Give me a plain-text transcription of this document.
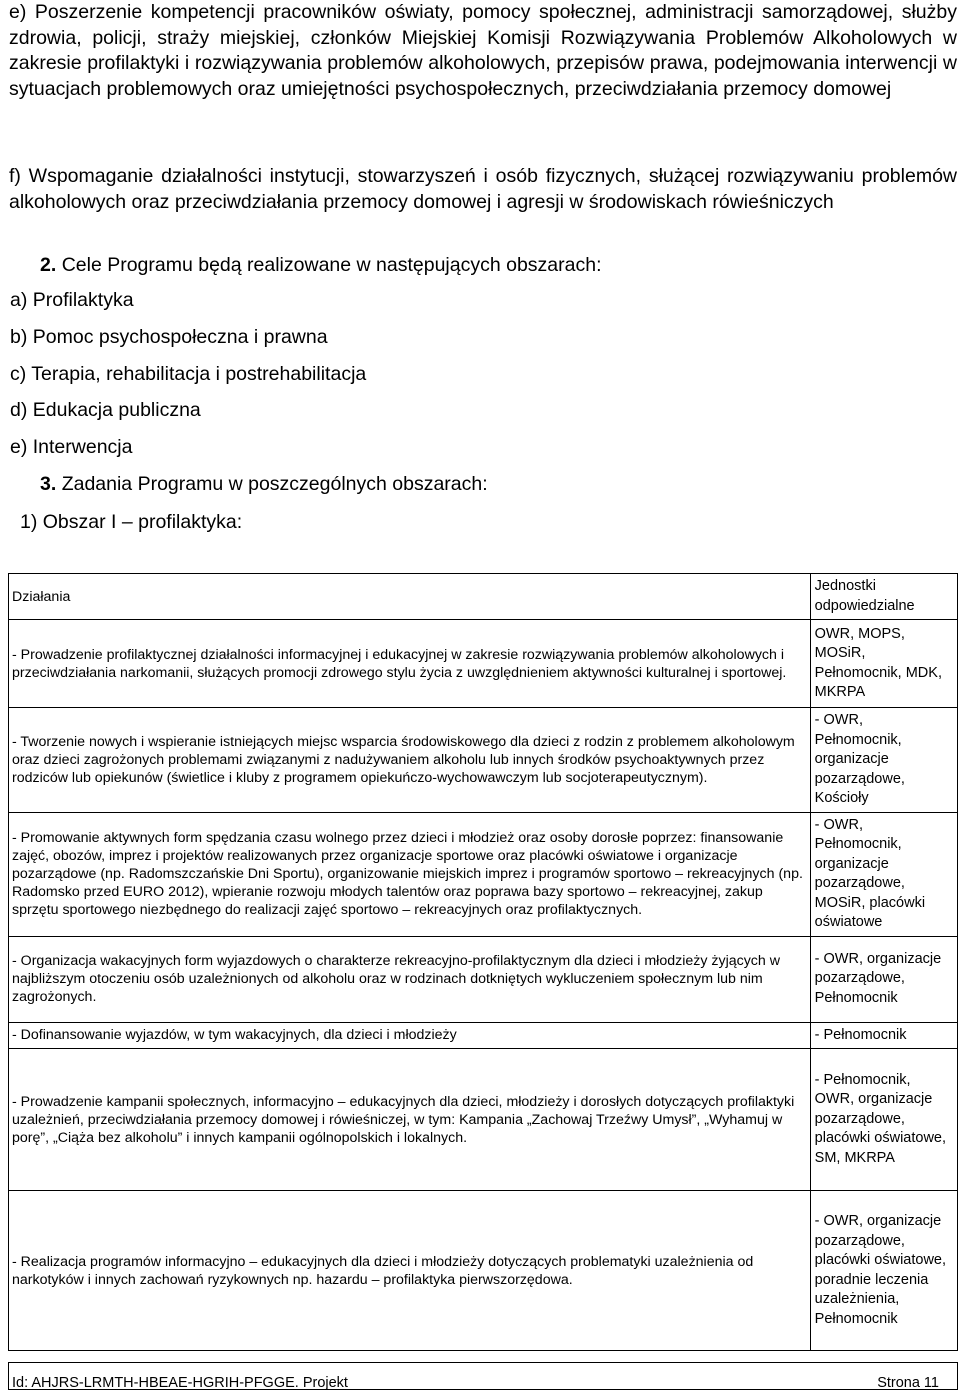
e) Poszerzenie kompetencji pracowników oświaty, pomocy społecznej, administracji samorządowej, służby zdrowia, policji, straży miejskiej, członków Miejskiej Komisji Rozwiązywania Problemów Alkoholowych w zakresie profilaktyki i rozwiązywania problemów alkoholowych, przepisów prawa, podejmowania interwencji w sytuacjach problemowych oraz umiejętności psychospołecznych, przeciwdziałania przemocy domowej
f) Wspomaganie działalności instytucji, stowarzyszeń i osób fizycznych, służącej rozwiązywaniu problemów alkoholowych oraz przeciwdziałania przemocy domowej i agresji w środowiskach rówieśniczych
2. Cele Programu będą realizowane w następujących obszarach:
a) Profilaktyka
b) Pomoc psychospołeczna i prawna
c) Terapia, rehabilitacja i postrehabilitacja
d) Edukacja publiczna
e) Interwencja
3. Zadania Programu w poszczególnych obszarach:
1) Obszar I – profilaktyka:
Działania	Jednostki odpowiedzialne
- Prowadzenie profilaktycznej działalności informacyjnej i edukacyjnej w zakresie rozwiązywania problemów alkoholowych i przeciwdziałania narkomanii, służących promocji zdrowego stylu życia z uwzględnieniem aktywności kulturalnej i sportowej.	OWR, MOPS, MOSiR, Pełnomocnik, MDK, MKRPA
- Tworzenie nowych i wspieranie istniejących miejsc wsparcia środowiskowego dla dzieci z rodzin z problemem alkoholowym oraz dzieci zagrożonych problemami związanymi z nadużywaniem alkoholu lub innych środków psychoaktywnych przez rodziców lub opiekunów (świetlice i kluby z programem opiekuńczo-wychowawczym lub socjoterapeutycznym).	- OWR, Pełnomocnik, organizacje pozarządowe, Kościoły
- Promowanie aktywnych form spędzania czasu wolnego przez dzieci i młodzież oraz osoby dorosłe poprzez: finansowanie zajęć, obozów, imprez i projektów realizowanych przez organizacje sportowe oraz placówki oświatowe i organizacje pozarządowe (np. Radomszczańskie Dni Sportu), organizowanie miejskich imprez i programów sportowo – rekreacyjnych (np. Radomsko przed EURO 2012), wpieranie rozwoju młodych talentów oraz poprawa bazy sportowo – rekreacyjnej, zakup sprzętu sportowego niezbędnego do realizacji zajęć sportowo – rekreacyjnych oraz profilaktycznych.	- OWR, Pełnomocnik, organizacje pozarządowe, MOSiR, placówki oświatowe
- Organizacja wakacyjnych form wyjazdowych o charakterze rekreacyjno-profilaktycznym dla dzieci i młodzieży żyjących w najbliższym otoczeniu osób uzależnionych od alkoholu oraz w rodzinach dotkniętych wykluczeniem społecznym lub nim zagrożonych.	- OWR, organizacje pozarządowe, Pełnomocnik
- Dofinansowanie wyjazdów, w tym wakacyjnych, dla dzieci i młodzieży	- Pełnomocnik
- Prowadzenie kampanii społecznych, informacyjno – edukacyjnych dla dzieci, młodzieży i dorosłych dotyczących profilaktyki uzależnień, przeciwdziałania przemocy domowej i rówieśniczej, w tym: Kampania „Zachowaj Trzeźwy Umysł”, „Wyhamuj w porę”, „Ciąża bez alkoholu” i innych kampanii ogólnopolskich i lokalnych.	- Pełnomocnik, OWR, organizacje pozarządowe, placówki oświatowe, SM, MKRPA
- Realizacja programów informacyjno – edukacyjnych dla dzieci i młodzieży dotyczących problematyki uzależnienia od narkotyków i innych zachowań ryzykownych np. hazardu – profilaktyka pierwszorzędowa.	- OWR, organizacje pozarządowe, placówki oświatowe, poradnie leczenia uzależnienia, Pełnomocnik
Id: AHJRS-LRMTH-HBEAE-HGRIH-PFGGE. Projekt	Strona 11
